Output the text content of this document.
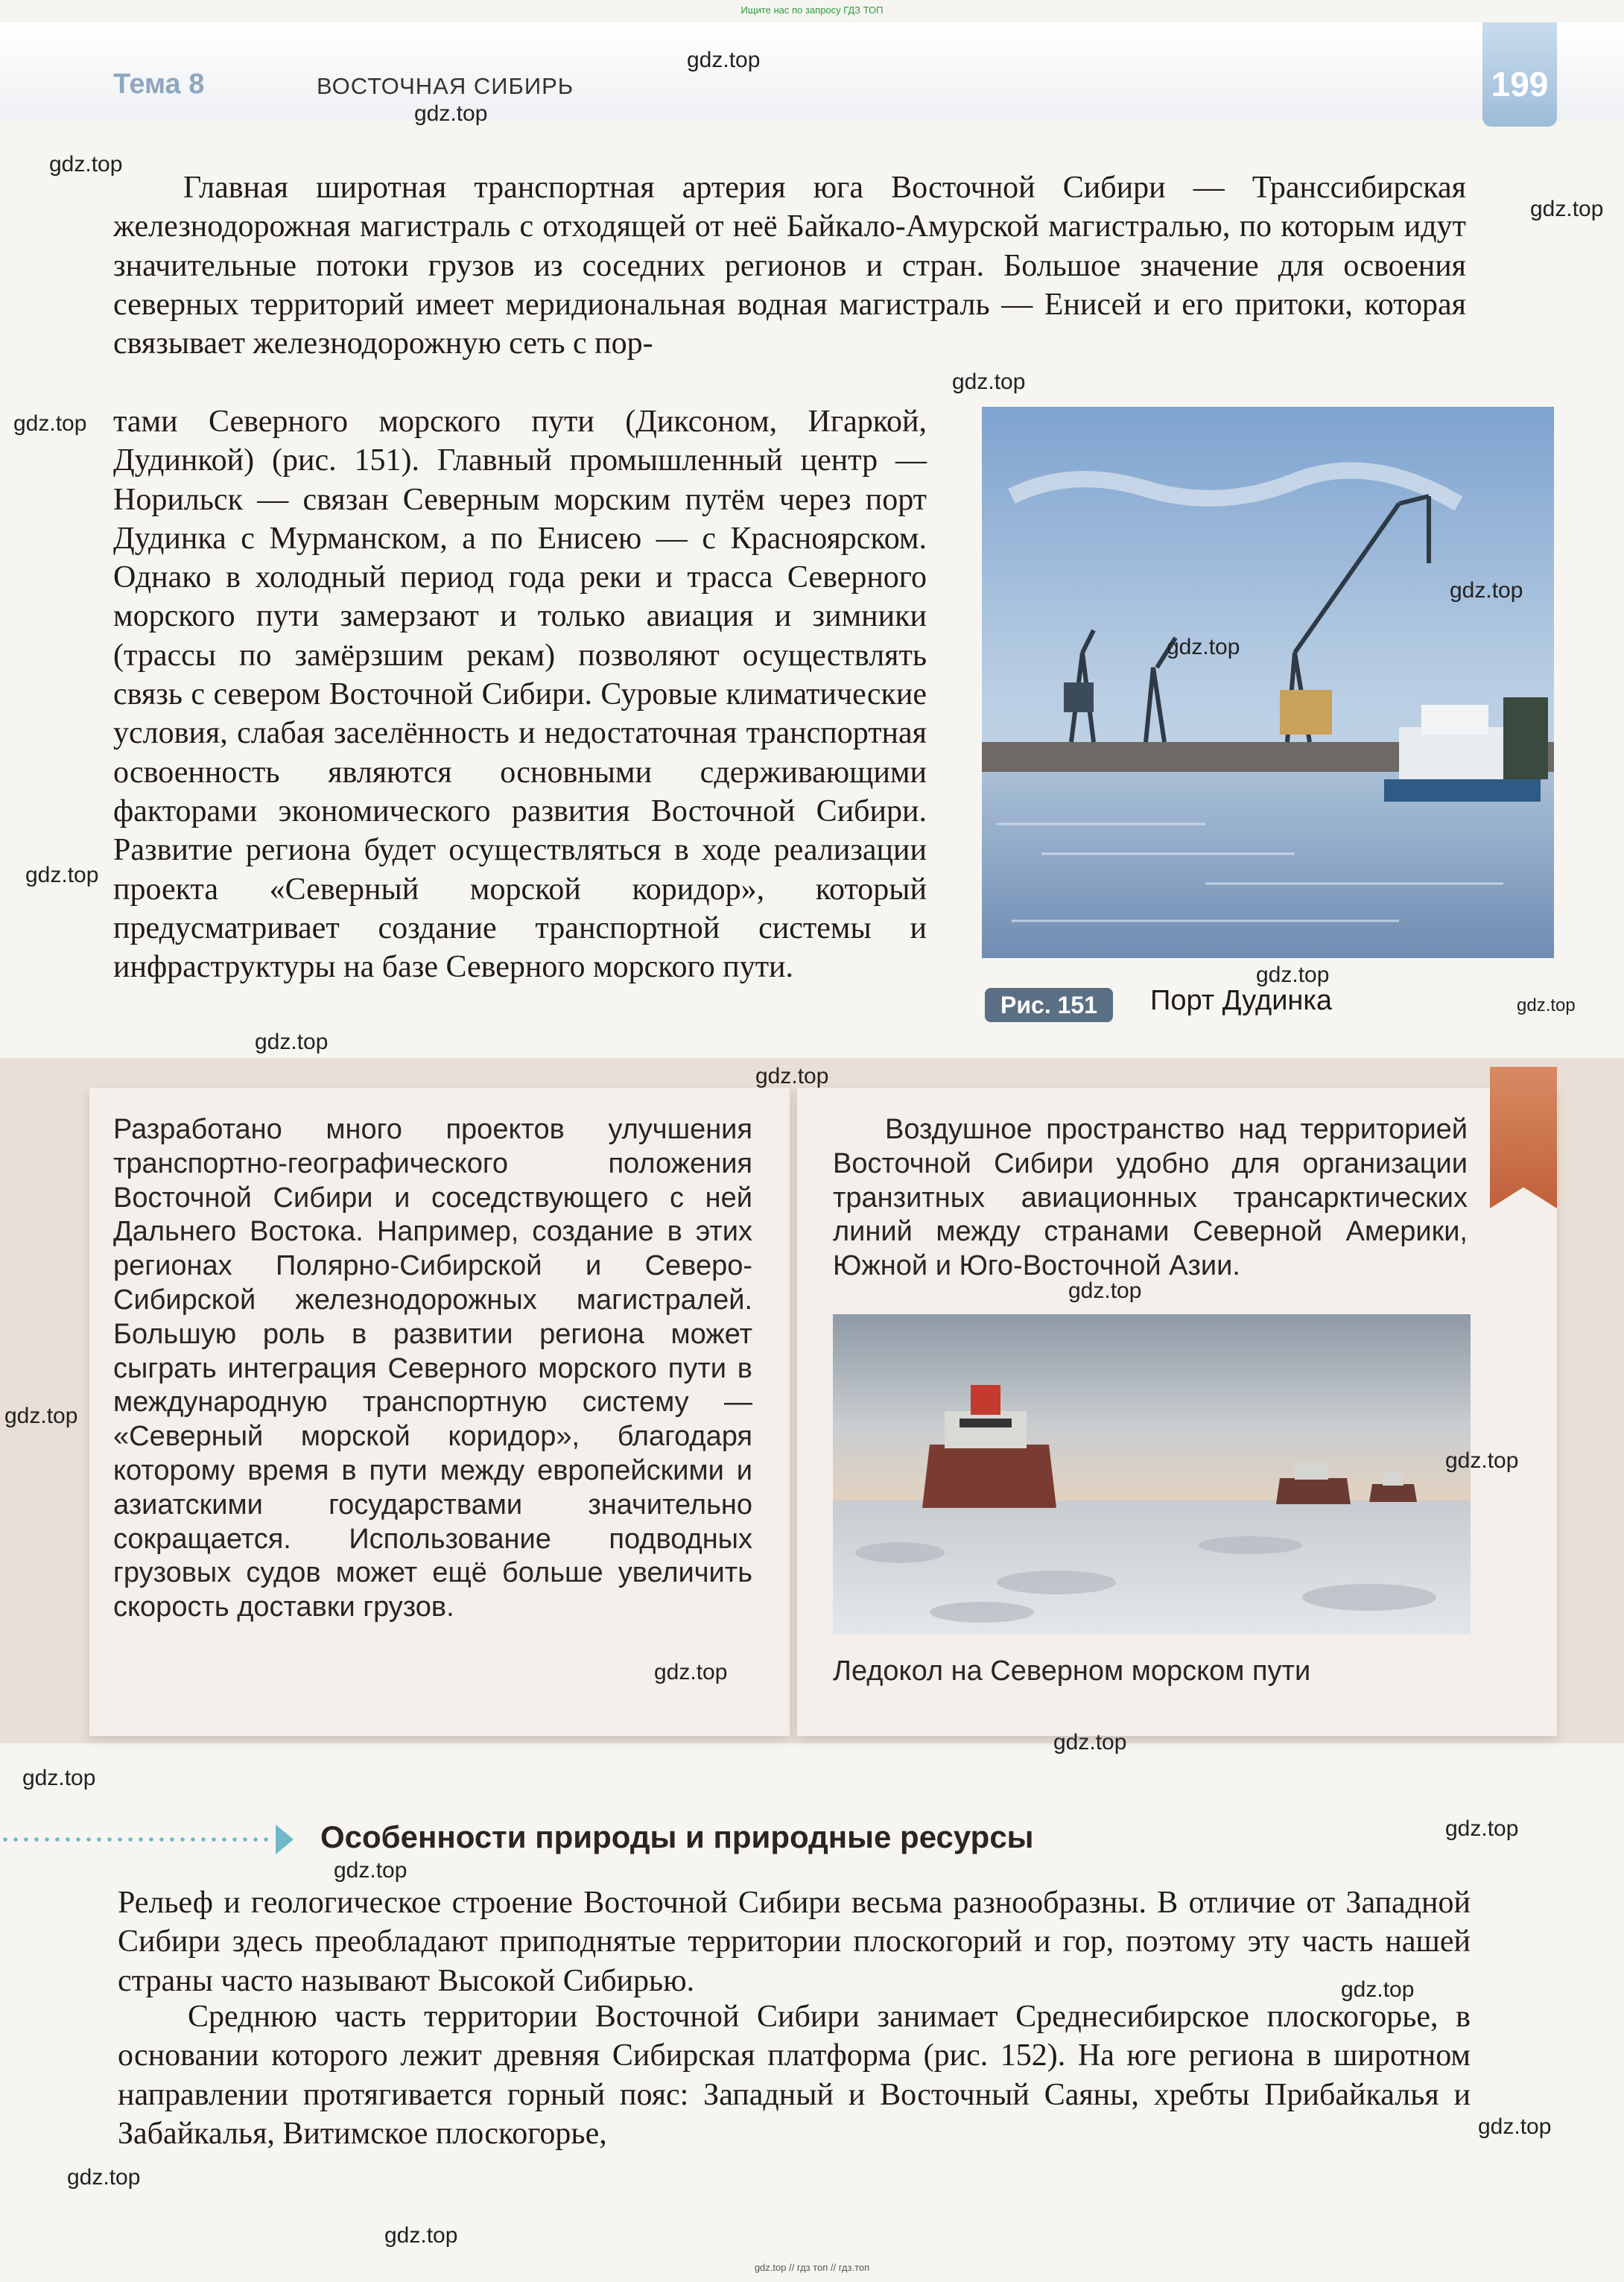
Ищите нас по запросу ГДЗ ТОП
Тема 8	ВОСТОЧНАЯ СИБИРЬ	199
Главная широтная транспортная артерия юга Восточной Сибири — Транссибирская железнодорожная магистраль с отходящей от неё Байкало-Амурской магистралью, по которым идут значительные потоки грузов из соседних регионов и стран. Большое значение для освоения северных территорий имеет меридиональная водная магистраль — Енисей и его притоки, которая связывает железнодорожную сеть с пор-
тами Северного морского пути (Диксоном, Игаркой, Дудинкой) (рис. 151). Главный промышленный центр — Норильск — связан Северным морским путём через порт Дудинка с Мурманском, а по Енисею — с Красноярском. Однако в холодный период года реки и трасса Северного морского пути замерзают и только авиация и зимники (трассы по замёрзшим рекам) позволяют осуществлять связь с севером Восточной Сибири. Суровые климатические условия, слабая заселённость и недостаточная транспортная освоенность являются основными сдерживающими факторами экономического развития Восточной Сибири. Развитие региона будет осуществляться в ходе реализации проекта «Северный морской коридор», который предусматривает создание транспортной системы и инфраструктуры на базе Северного морского пути.
Рис. 151	Порт Дудинка
Разработано много проектов улучшения транспортно-географического положения Восточной Сибири и соседствующего с ней Дальнего Востока. Например, создание в этих регионах Полярно-Сибирской и Северо-Сибирской железнодорожных магистралей. Большую роль в развитии региона может сыграть интеграция Северного морского пути в международную транспортную систему — «Северный морской коридор», благодаря которому время в пути между европейскими и азиатскими государствами значительно сокращается. Использование подводных грузовых судов может ещё больше увеличить скорость доставки грузов.
Воздушное пространство над территорией Восточной Сибири удобно для организации транзитных авиационных трансарктических линий между странами Северной Америки, Южной и Юго-Восточной Азии.
Ледокол на Северном морском пути
Особенности природы и природные ресурсы
Рельеф и геологическое строение Восточной Сибири весьма разнообразны. В отличие от Западной Сибири здесь преобладают приподнятые территории плоскогорий и гор, поэтому эту часть нашей страны часто называют Высокой Сибирью.
Среднюю часть территории Восточной Сибири занимает Среднесибирское плоскогорье, в основании которого лежит древняя Сибирская платформа (рис. 152). На юге региона в широтном направлении протягивается горный пояс: Западный и Восточный Саяны, хребты Прибайкалья и Забайкалья, Витимское плоскогорье,
gdz.top
gdz.top
gdz.top
gdz.top
gdz.top
gdz.top
gdz.top
gdz.top
gdz.top
gdz.top
gdz.top
gdz.top
gdz.top
gdz.top
gdz.top
gdz.top
gdz.top
gdz.top
gdz.top
gdz.top
gdz.top
gdz.top
gdz.top
gdz.top
gdz.top
gdz.top // гдз топ // гдз.топ
